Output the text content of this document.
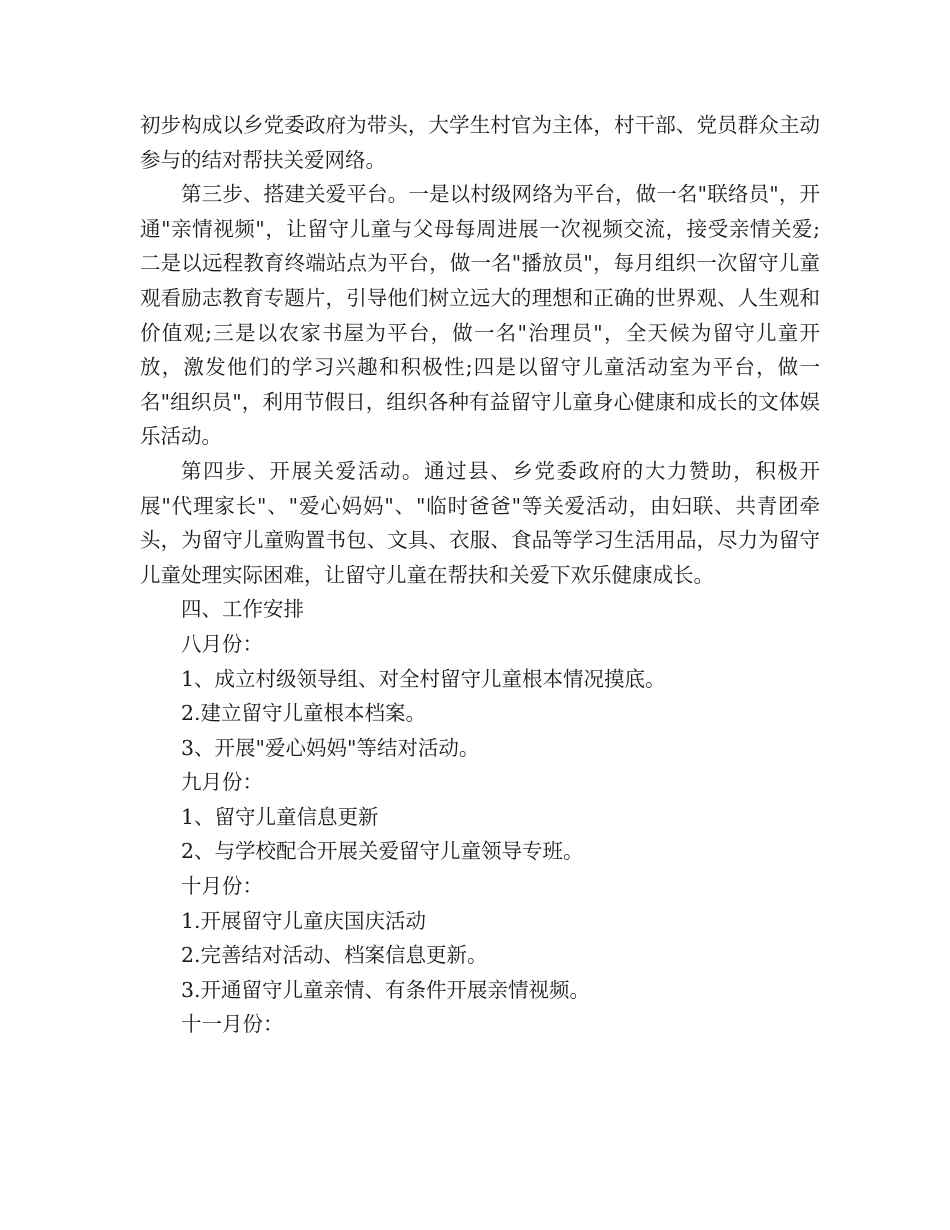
初步构成以乡党委政府为带头，大学生村官为主体，村干部、党员群众主动参与的结对帮扶关爱网络。

第三步、搭建关爱平台。一是以村级网络为平台，做一名"联络员"，开通"亲情视频"，让留守儿童与父母每周进展一次视频交流，接受亲情关爱;二是以远程教育终端站点为平台，做一名"播放员"，每月组织一次留守儿童观看励志教育专题片，引导他们树立远大的理想和正确的世界观、人生观和价值观;三是以农家书屋为平台，做一名"治理员"，全天候为留守儿童开放，激发他们的学习兴趣和积极性;四是以留守儿童活动室为平台，做一名"组织员"，利用节假日，组织各种有益留守儿童身心健康和成长的文体娱乐活动。

第四步、开展关爱活动。通过县、乡党委政府的大力赞助，积极开展"代理家长"、"爱心妈妈"、"临时爸爸"等关爱活动，由妇联、共青团牵头，为留守儿童购置书包、文具、衣服、食品等学习生活用品，尽力为留守儿童处理实际困难，让留守儿童在帮扶和关爱下欢乐健康成长。

四、工作安排

八月份：

1、成立村级领导组、对全村留守儿童根本情况摸底。

2.建立留守儿童根本档案。

3、开展"爱心妈妈"等结对活动。

九月份：

1、留守儿童信息更新

2、与学校配合开展关爱留守儿童领导专班。

十月份：

1.开展留守儿童庆国庆活动

2.完善结对活动、档案信息更新。

3.开通留守儿童亲情、有条件开展亲情视频。

十一月份：
